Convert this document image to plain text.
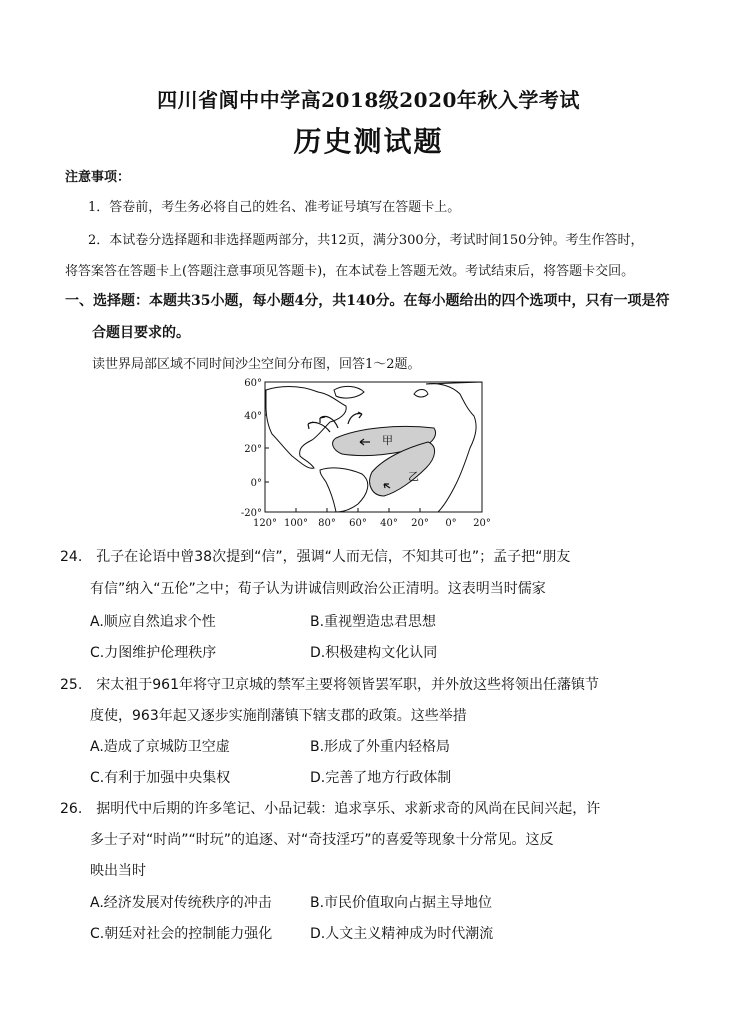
四川省阆中中学高2018级2020年秋入学考试
历史测试题
注意事项：
1．答卷前，考生务必将自己的姓名、准考证号填写在答题卡上。
2．本试卷分选择题和非选择题两部分，共12页，满分300分，考试时间150分钟。考生作答时，
将答案答在答题卡上(答题注意事项见答题卡)，在本试卷上答题无效。考试结束后，将答题卡交回。
一、选择题：本题共35小题，每小题4分，共140分。在每小题给出的四个选项中，只有一项是符
合题目要求的。
读世界局部区域不同时间沙尘空间分布图，回答1～2题。
60°
40°
20°
0°
-20°
120° 100° 80° 60° 40° 20° 0° 20°
甲
乙
24.　孔子在论语中曾38次提到“信”，强调“人而无信，不知其可也”；孟子把“朋友
有信”纳入“五伦”之中；荀子认为讲诚信则政治公正清明。这表明当时儒家
A.顺应自然追求个性	B.重视塑造忠君思想
C.力图维护伦理秩序	D.积极建构文化认同
25.　宋太祖于961年将守卫京城的禁军主要将领皆罢军职，并外放这些将领出任藩镇节
度使，963年起又逐步实施削藩镇下辖支郡的政策。这些举措
A.造成了京城防卫空虚	B.形成了外重内轻格局
C.有利于加强中央集权	D.完善了地方行政体制
26.　据明代中后期的许多笔记、小品记载：追求享乐、求新求奇的风尚在民间兴起，许
多士子对“时尚”“时玩”的追逐、对“奇技淫巧”的喜爱等现象十分常见。这反
映出当时
A.经济发展对传统秩序的冲击	B.市民价值取向占据主导地位
C.朝廷对社会的控制能力强化	D.人文主义精神成为时代潮流
